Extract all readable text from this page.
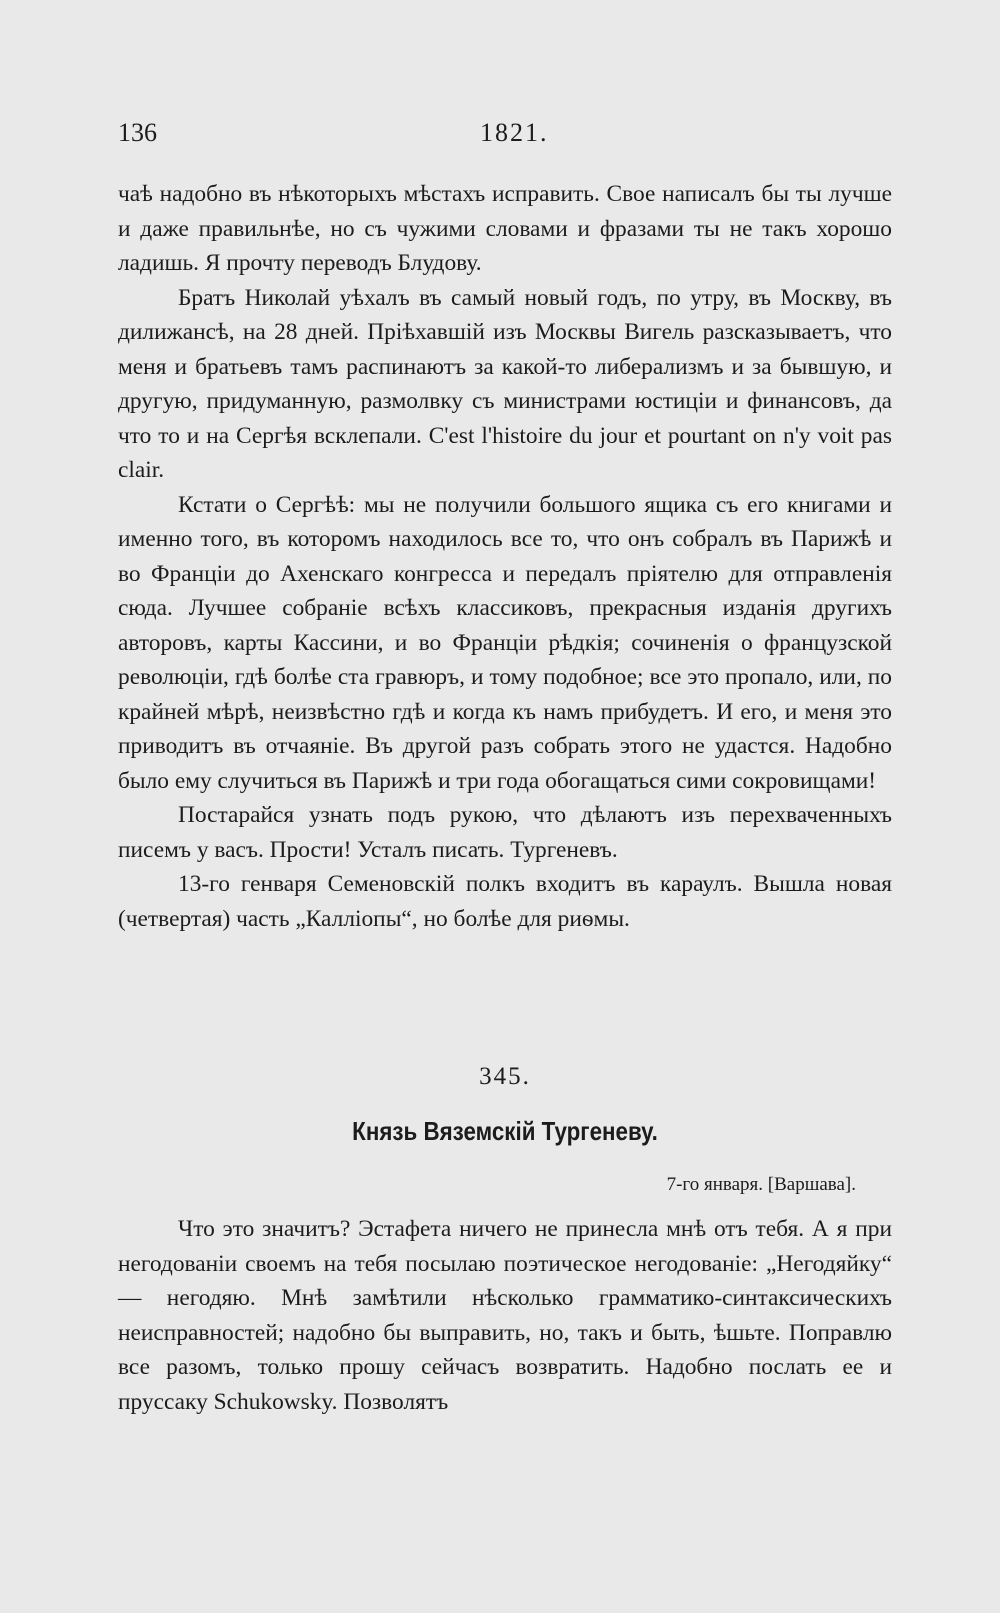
136	1821.

чаѣ надобно въ нѣкоторыхъ мѣстахъ исправить. Свое написалъ бы ты лучше и даже правильнѣе, но съ чужими словами и фразами ты не такъ хорошо ладишь. Я прочту переводъ Блудову.

Братъ Николай уѣхалъ въ самый новый годъ, по утру, въ Москву, въ дилижансѣ, на 28 дней. Пріѣхавшій изъ Москвы Вигель разсказываетъ, что меня и братьевъ тамъ распинаютъ за какой-то либерализмъ и за бывшую, и другую, придуманную, размолвку съ министрами юстиціи и финансовъ, да что то и на Сергѣя всклепали. C'est l'histoire du jour et pourtant on n'y voit pas clair.

Кстати о Сергѣѣ: мы не получили большого ящика съ его книгами и именно того, въ которомъ находилось все то, что онъ собралъ въ Парижѣ и во Франціи до Ахенскаго конгресса и передалъ пріятелю для отправленія сюда. Лучшее собраніе всѣхъ классиковъ, прекрасныя изданія другихъ авторовъ, карты Кассини, и во Франціи рѣдкія; сочиненія о французской революціи, гдѣ болѣе ста гравюръ, и тому подобное; все это пропало, или, по крайней мѣрѣ, неизвѣстно гдѣ и когда къ намъ прибудетъ. И его, и меня это приводитъ въ отчаяніе. Въ другой разъ собрать этого не удастся. Надобно было ему случиться въ Парижѣ и три года обогащаться сими сокровищами!

Постарайся узнать подъ рукою, что дѣлаютъ изъ перехваченныхъ писемъ у васъ. Прости! Усталъ писать. Тургеневъ.

13-го генваря Семеновскій полкъ входитъ въ караулъ. Вышла новая (четвертая) часть „Калліопы“, но болѣе для риѳмы.

345.
Князь Вяземскій Тургеневу.
7-го января. [Варшава].

Что это значитъ? Эстафета ничего не принесла мнѣ отъ тебя. А я при негодованіи своемъ на тебя посылаю поэтическое негодованіе: „Негодяйку“ — негодяю. Мнѣ замѣтили нѣсколько грамматико-синтаксическихъ неисправностей; надобно бы выправить, но, такъ и быть, ѣшьте. Поправлю все разомъ, только прошу сейчасъ возвратить. Надобно послать ее и пруссаку Schukowsky. Позволятъ
